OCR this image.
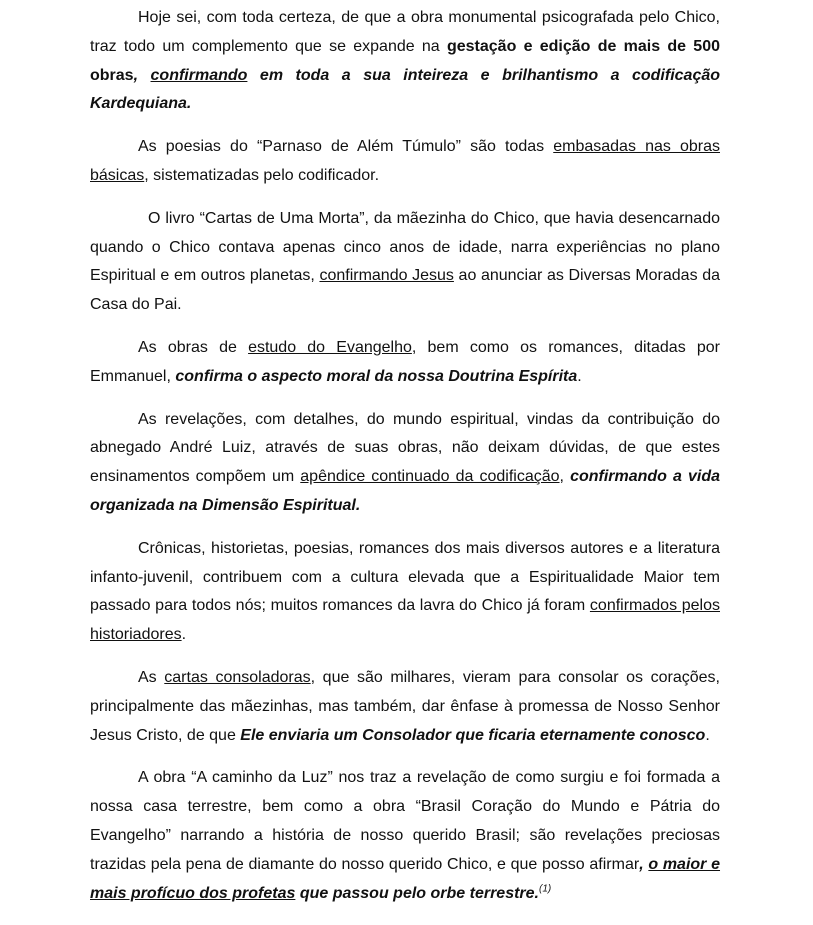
Hoje sei, com toda certeza, de que a obra monumental psicografada pelo Chico, traz todo um complemento que se expande na gestação e edição de mais de 500 obras, confirmando em toda a sua inteireza e brilhantismo a codificação Kardequiana.

As poesias do “Parnaso de Além Túmulo” são todas embasadas nas obras básicas, sistematizadas pelo codificador.

O livro “Cartas de Uma Morta”, da mãezinha do Chico, que havia desencarnado quando o Chico contava apenas cinco anos de idade, narra experiências no plano Espiritual e em outros planetas, confirmando Jesus ao anunciar as Diversas Moradas da Casa do Pai.

As obras de estudo do Evangelho, bem como os romances, ditadas por Emmanuel, confirma o aspecto moral da nossa Doutrina Espírita.

As revelações, com detalhes, do mundo espiritual, vindas da contribuição do abnegado André Luiz, através de suas obras, não deixam dúvidas, de que estes ensinamentos compõem um apêndice continuado da codificação, confirmando a vida organizada na Dimensão Espiritual.

Crônicas, historietas, poesias, romances dos mais diversos autores e a literatura infanto-juvenil, contribuem com a cultura elevada que a Espiritualidade Maior tem passado para todos nós; muitos romances da lavra do Chico já foram confirmados pelos historiadores.

As cartas consoladoras, que são milhares, vieram para consolar os corações, principalmente das mãezinhas, mas também, dar ênfase à promessa de Nosso Senhor Jesus Cristo, de que Ele enviaria um Consolador que ficaria eternamente conosco.

A obra “A caminho da Luz” nos traz a revelação de como surgiu e foi formada a nossa casa terrestre, bem como a obra “Brasil Coração do Mundo e Pátria do Evangelho” narrando a história de nosso querido Brasil; são revelações preciosas trazidas pela pena de diamante do nosso querido Chico, e que posso afirmar, o maior e mais profícuo dos profetas que passou pelo orbe terrestre.$^{(1)}$
